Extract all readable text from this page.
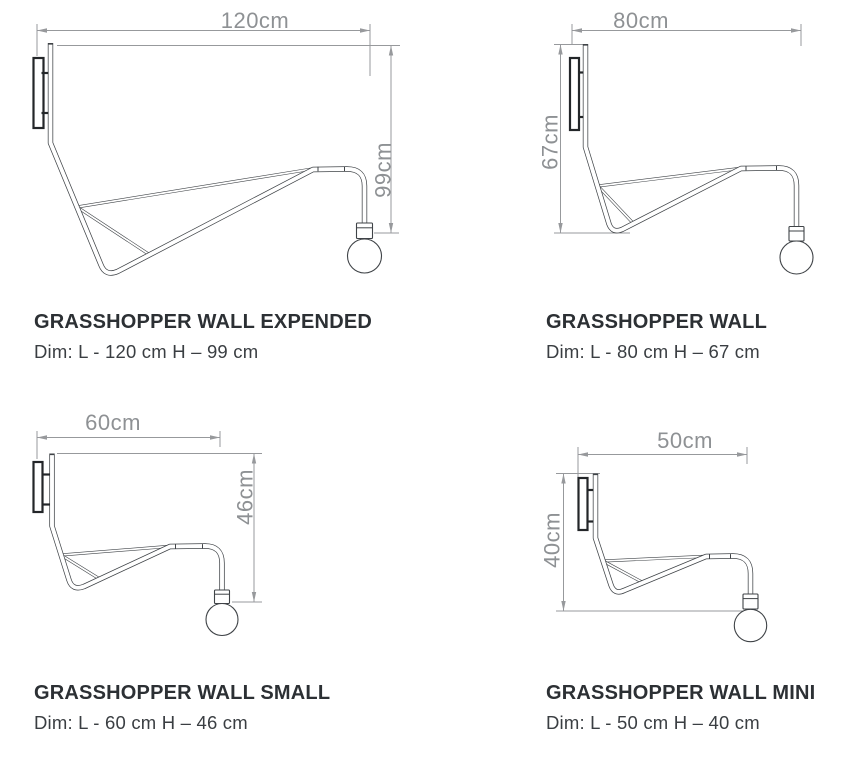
120cm
99cm
80cm
67cm
60cm
46cm
50cm
40cm
GRASSHOPPER WALL EXPENDED

Dim: L - 120 cm H – 99 cm

GRASSHOPPER WALL

Dim: L - 80 cm H – 67 cm

GRASSHOPPER WALL SMALL

Dim: L - 60 cm H – 46 cm

GRASSHOPPER WALL MINI

Dim: L - 50 cm H – 40 cm
